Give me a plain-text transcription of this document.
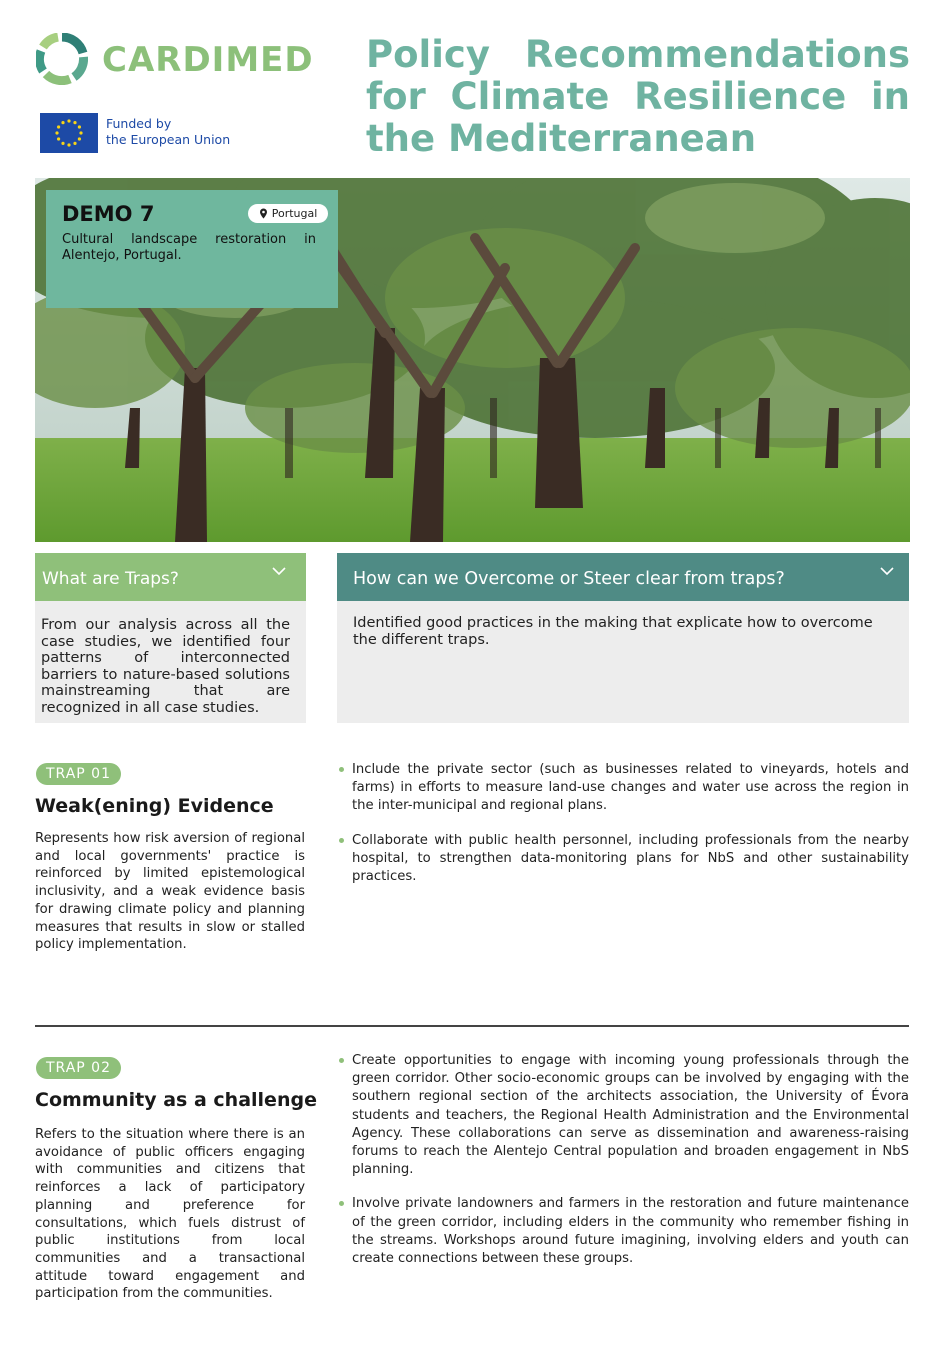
CARDIMED
Funded by
the European Union
Policy Recommendations for Climate Resilience in the Mediterranean
DEMO 7	Portugal
Cultural landscape restoration in Alentejo, Portugal.
What are Traps?
From our analysis across all the case studies, we identified four patterns of interconnected barriers to nature-based solutions mainstreaming that are recognized in all case studies.
How can we Overcome or Steer clear from traps?
Identified good practices in the making that explicate how to overcome the different traps.
TRAP 01
Weak(ening) Evidence
Represents how risk aversion of regional and local governments' practice is reinforced by limited epistemological inclusivity, and a weak evidence basis for drawing climate policy and planning measures that results in slow or stalled policy implementation.
Include the private sector (such as businesses related to vineyards, hotels and farms) in efforts to measure land-use changes and water use across the region in the inter-municipal and regional plans.
Collaborate with public health personnel, including professionals from the nearby hospital, to strengthen data-monitoring plans for NbS and other sustainability practices.
TRAP 02
Community as a challenge
Refers to the situation where there is an avoidance of public officers engaging with communities and citizens that reinforces a lack of participatory planning and preference for consultations, which fuels distrust of public institutions from local communities and a transactional attitude toward engagement and participation from the communities.
Create opportunities to engage with incoming young professionals through the green corridor. Other socio-economic groups can be involved by engaging with the southern regional section of the architects association, the University of Évora students and teachers, the Regional Health Administration and the Environmental Agency. These collaborations can serve as dissemination and awareness-raising forums to reach the Alentejo Central population and broaden engagement in NbS planning.
Involve private landowners and farmers in the restoration and future maintenance of the green corridor, including elders in the community who remember fishing in the streams. Workshops around future imagining, involving elders and youth can create connections between these groups.
